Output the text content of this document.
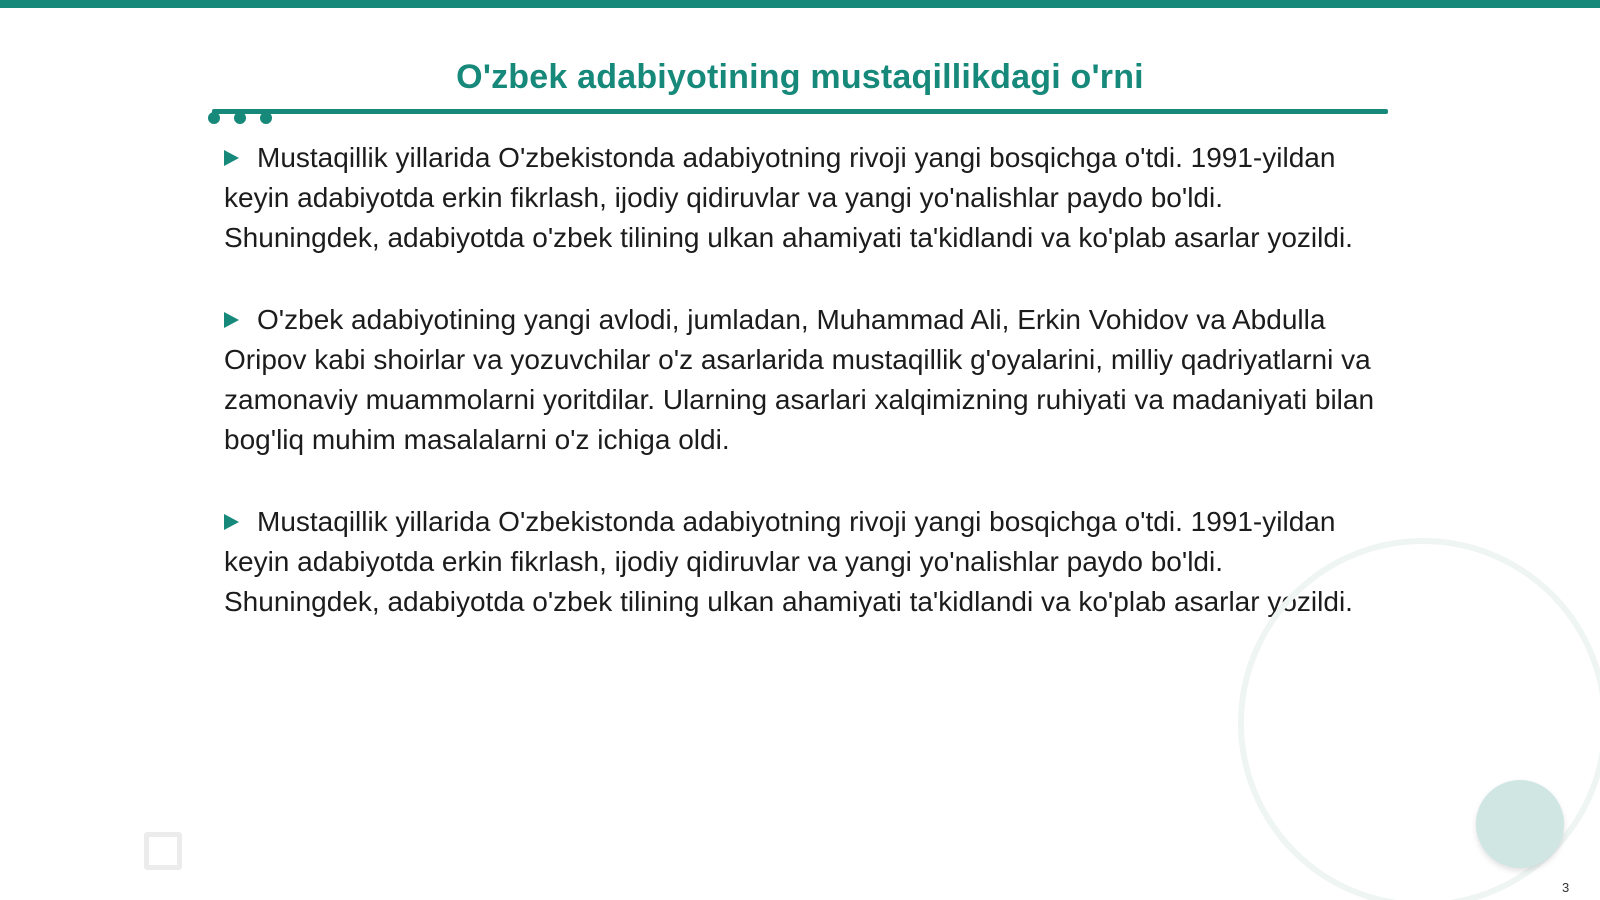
O'zbek adabiyotining mustaqillikdagi o'rni

Mustaqillik yillarida O'zbekistonda adabiyotning rivoji yangi bosqichga o'tdi. 1991-yildan keyin adabiyotda erkin fikrlash, ijodiy qidiruvlar va yangi yo'nalishlar paydo bo'ldi. Shuningdek, adabiyotda o'zbek tilining ulkan ahamiyati ta'kidlandi va ko'plab asarlar yozildi.

O'zbek adabiyotining yangi avlodi, jumladan, Muhammad Ali, Erkin Vohidov va Abdulla Oripov kabi shoirlar va yozuvchilar o'z asarlarida mustaqillik g'oyalarini, milliy qadriyatlarni va zamonaviy muammolarni yoritdilar. Ularning asarlari xalqimizning ruhiyati va madaniyati bilan bog'liq muhim masalalarni o'z ichiga oldi.

Mustaqillik yillarida O'zbekistonda adabiyotning rivoji yangi bosqichga o'tdi. 1991-yildan keyin adabiyotda erkin fikrlash, ijodiy qidiruvlar va yangi yo'nalishlar paydo bo'ldi. Shuningdek, adabiyotda o'zbek tilining ulkan ahamiyati ta'kidlandi va ko'plab asarlar yozildi.

3
